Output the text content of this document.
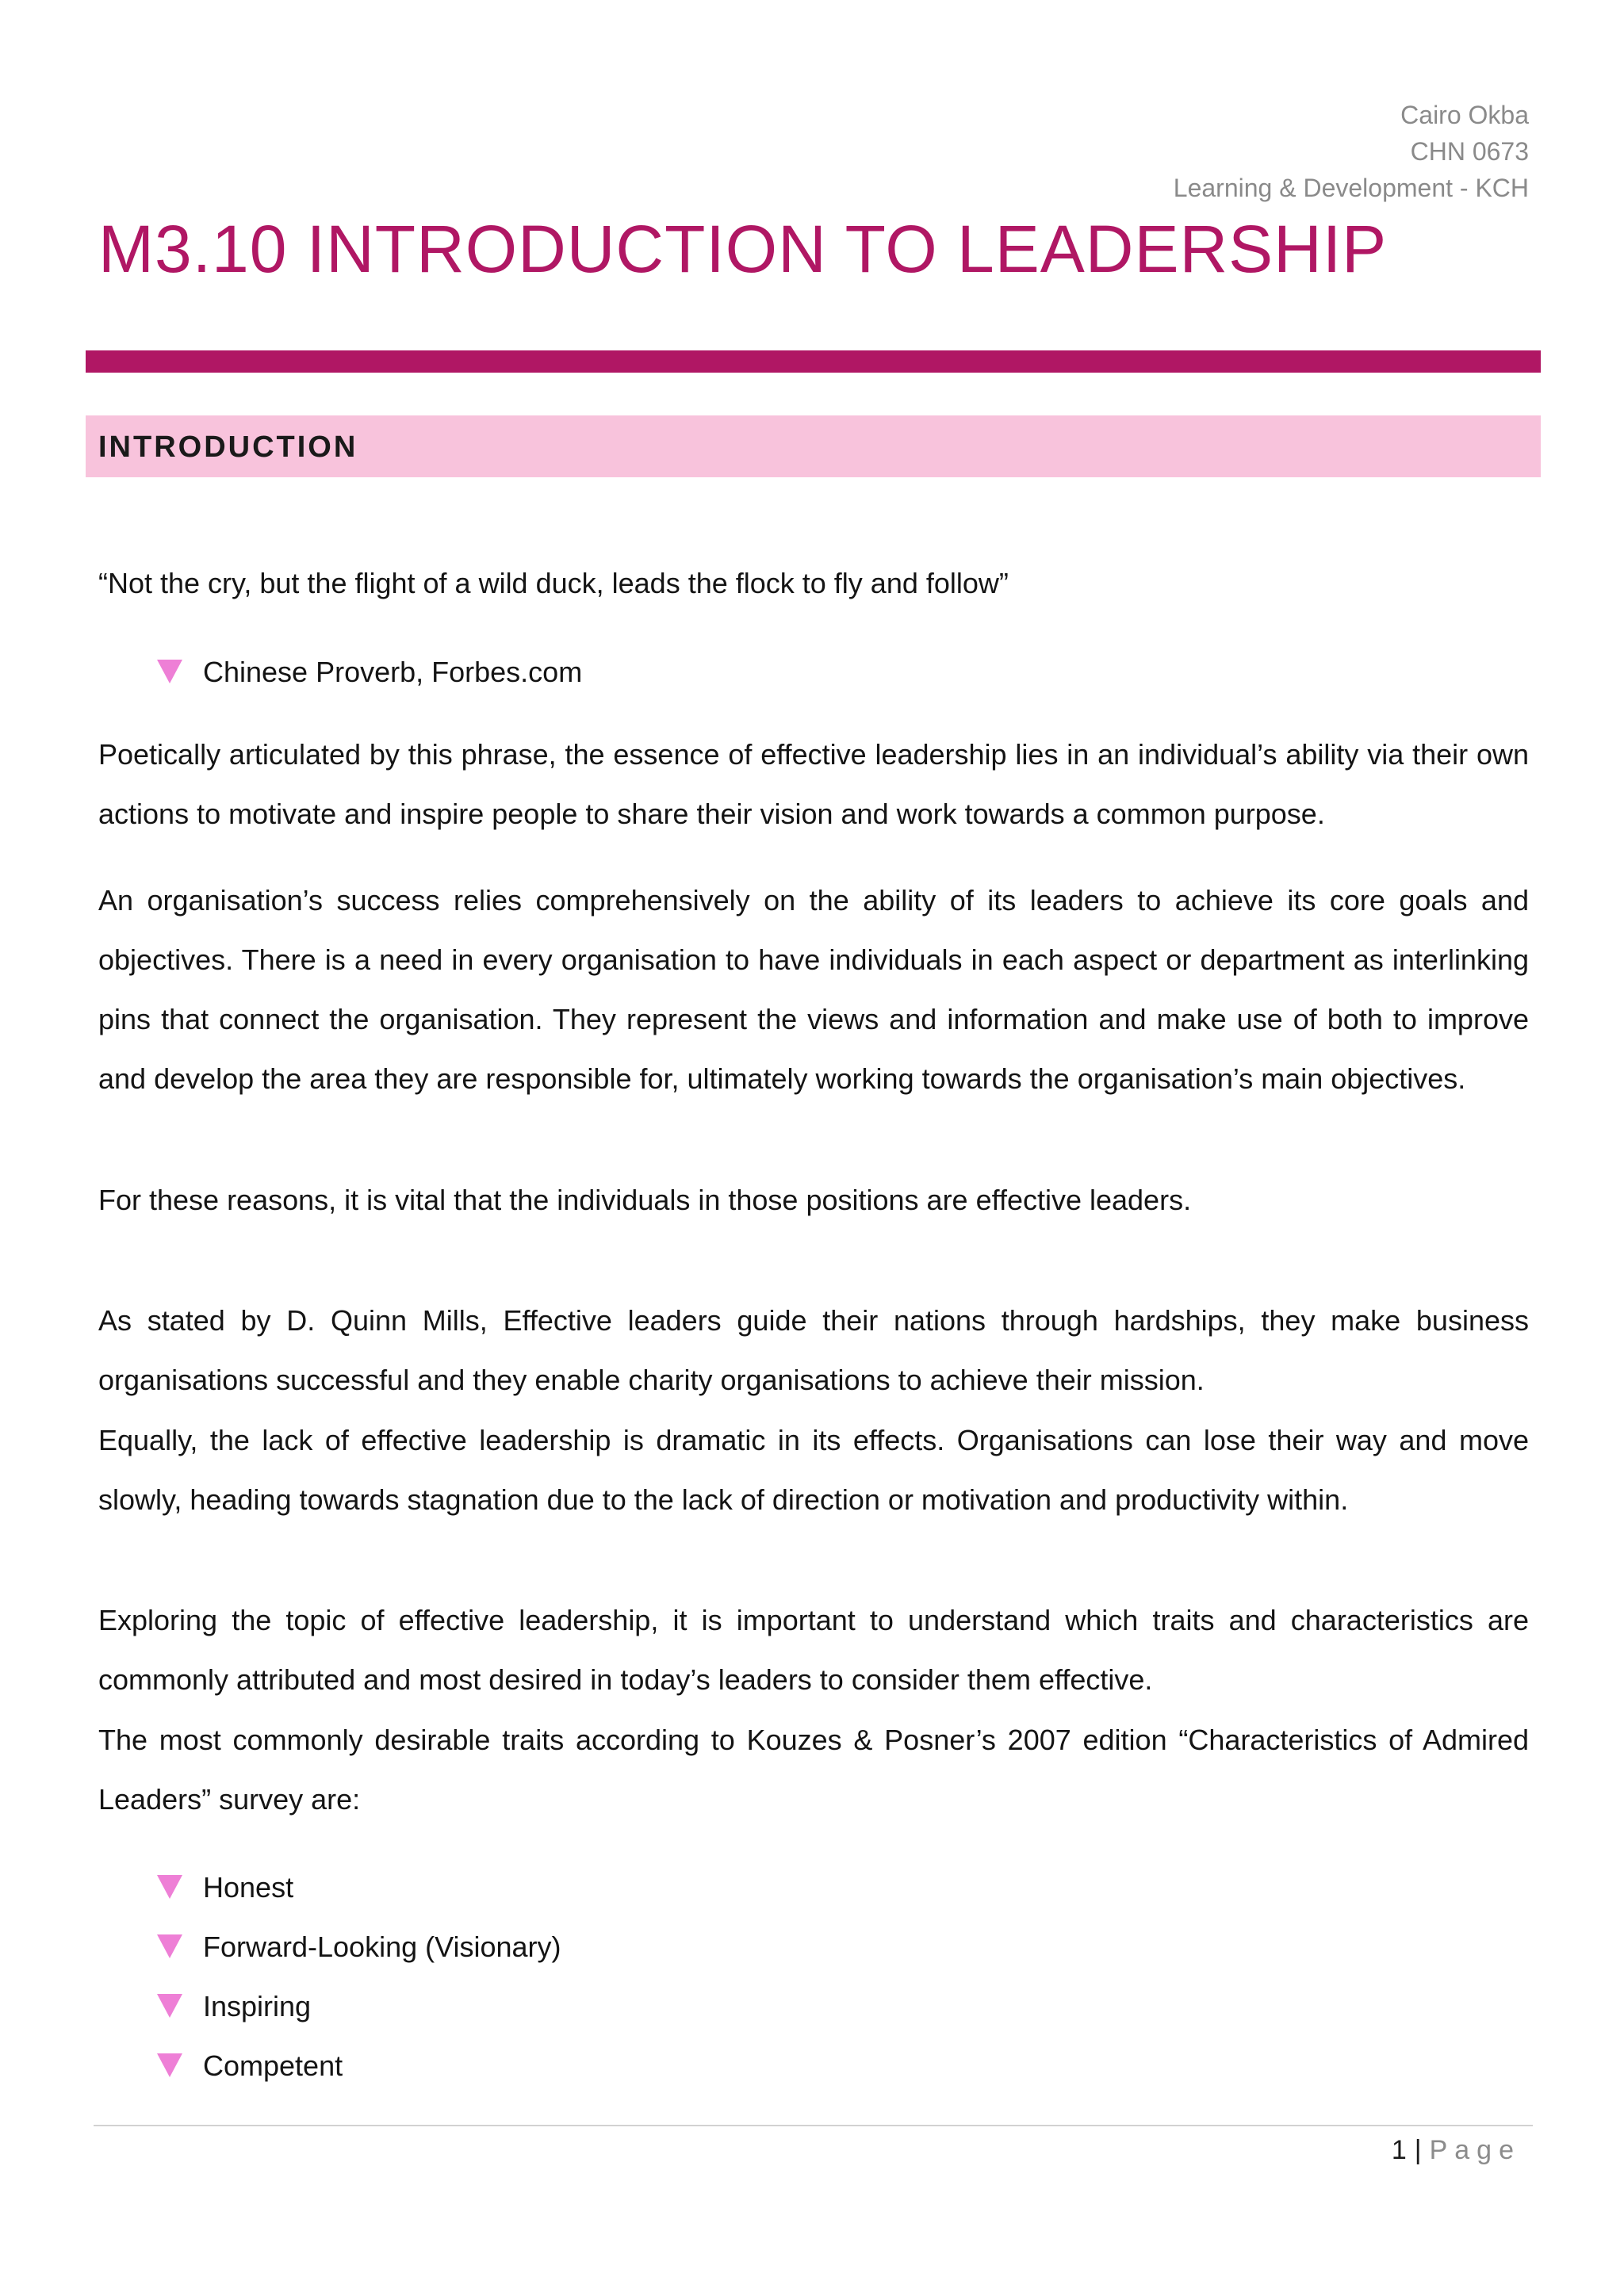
Cairo Okba
CHN 0673
Learning & Development - KCH
M3.10 INTRODUCTION TO LEADERSHIP
INTRODUCTION

“Not the cry, but the flight of a wild duck, leads the flock to fly and follow”

Chinese Proverb, Forbes.com

Poetically articulated by this phrase, the essence of effective leadership lies in an individual’s ability via their own actions to motivate and inspire people to share their vision and work towards a common purpose.

An organisation’s success relies comprehensively on the ability of its leaders to achieve its core goals and objectives. There is a need in every organisation to have individuals in each aspect or department as interlinking pins that connect the organisation. They represent the views and information and make use of both to improve and develop the area they are responsible for, ultimately working towards the organisation’s main objectives.

For these reasons, it is vital that the individuals in those positions are effective leaders.

As stated by D. Quinn Mills, Effective leaders guide their nations through hardships, they make business organisations successful and they enable charity organisations to achieve their mission.

Equally, the lack of effective leadership is dramatic in its effects. Organisations can lose their way and move slowly, heading towards stagnation due to the lack of direction or motivation and productivity within.

Exploring the topic of effective leadership, it is important to understand which traits and characteristics are commonly attributed and most desired in today’s leaders to consider them effective.

The most commonly desirable traits according to Kouzes & Posner’s 2007 edition “Characteristics of Admired Leaders” survey are:

Honest
Forward-Looking (Visionary)
Inspiring
Competent
1 | Page
